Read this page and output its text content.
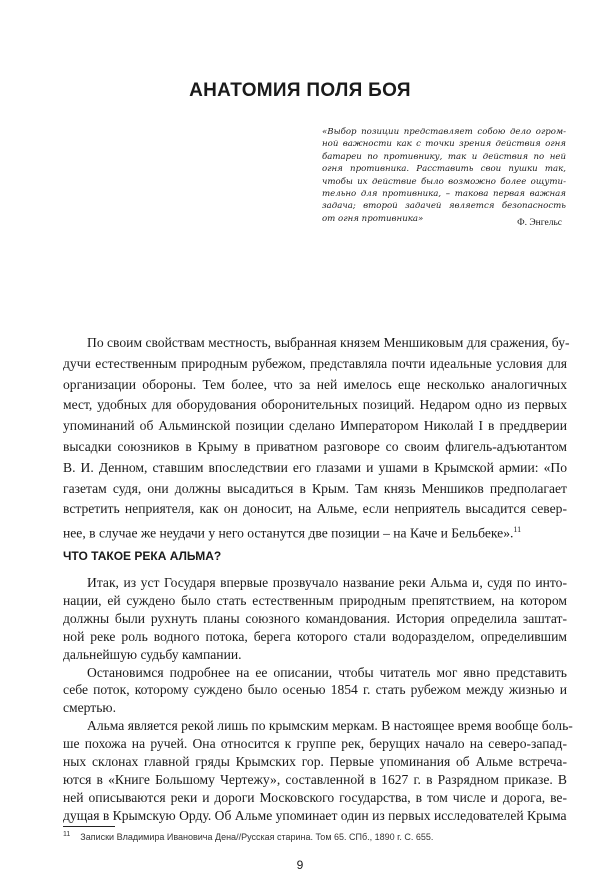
АНАТОМИЯ ПОЛЯ БОЯ
«Выбор позиции представляет собою дело огром-
ной важности как с точки зрения действия огня
батареи по противнику, так и действия по ней
огня противника. Расставить свои пушки так,
чтобы их действие было возможно более ощути-
тельно для противника, – такова первая важная
задача; второй задачей является безопасность
от огня противника»	Ф. Энгельс
По своим свойствам местность, выбранная князем Меншиковым для сражения, бу-
дучи естественным природным рубежом, представляла почти идеальные условия для
организации обороны. Тем более, что за ней имелось еще несколько аналогичных
мест, удобных для оборудования оборонительных позиций. Недаром одно из первых
упоминаний об Альминской позиции сделано Императором Николай I в преддверии
высадки союзников в Крыму в приватном разговоре со своим флигель-адъютантом
В. И. Денном, ставшим впоследствии его глазами и ушами в Крымской армии: «По
газетам судя, они должны высадиться в Крым. Там князь Меншиков предполагает
встретить неприятеля, как он доносит, на Альме, если неприятель высадится север-
нее, в случае же неудачи у него останутся две позиции – на Каче и Бельбеке».$^{11}$
ЧТО ТАКОЕ РЕКА АЛЬМА?
Итак, из уст Государя впервые прозвучало название реки Альма и, судя по инто-
нации, ей суждено было стать естественным природным препятствием, на котором
должны были рухнуть планы союзного командования. История определила заштат-
ной реке роль водного потока, берега которого стали водоразделом, определившим
дальнейшую судьбу кампании.
Остановимся подробнее на ее описании, чтобы читатель мог явно представить
себе поток, которому суждено было осенью 1854 г. стать рубежом между жизнью и
смертью.
Альма является рекой лишь по крымским меркам. В настоящее время вообще боль-
ше похожа на ручей. Она относится к группе рек, берущих начало на северо-запад-
ных склонах главной гряды Крымских гор. Первые упоминания об Альме встреча-
ются в «Книге Большому Чертежу», составленной в 1627 г. в Разрядном приказе. В
ней описываются реки и дороги Московского государства, в том числе и дорога, ве-
дущая в Крымскую Орду. Об Альме упоминает один из первых исследователей Крыма
$^{11}$ Записки Владимира Ивановича Дена//Русская старина. Том 65. СПб., 1890 г. С. 655.
9
